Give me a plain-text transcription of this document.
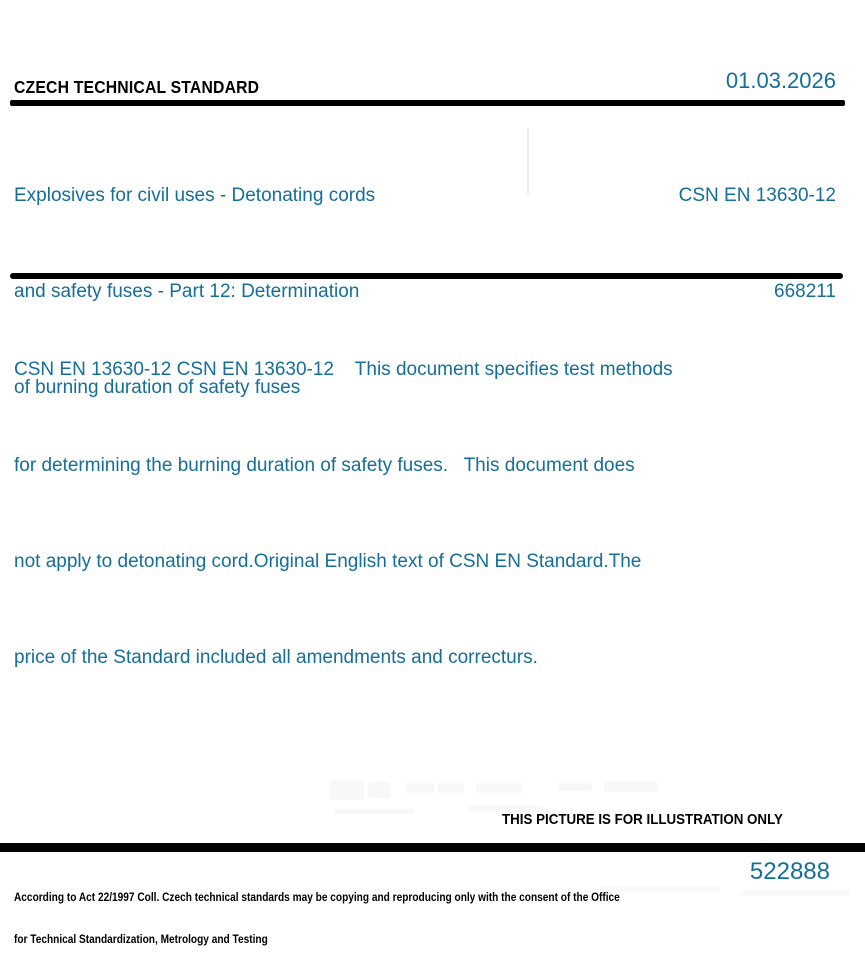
CZECH TECHNICAL STANDARD	01.03.2026

Explosives for civil uses - Detonating cords

and safety fuses - Part 12: Determination

of burning duration of safety fuses

CSN EN 13630-12

668211

CSN EN 13630-12 CSN EN 13630-12    This document specifies test methods

for determining the burning duration of safety fuses.   This document does

not apply to detonating cord.Original English text of CSN EN Standard.The

price of the Standard included all amendments and correcturs.

THIS PICTURE IS FOR ILLUSTRATION ONLY

According to Act 22/1997 Coll. Czech technical standards may be copying and reproducing only with the consent of the Office

for Technical Standardization, Metrology and Testing

522888
